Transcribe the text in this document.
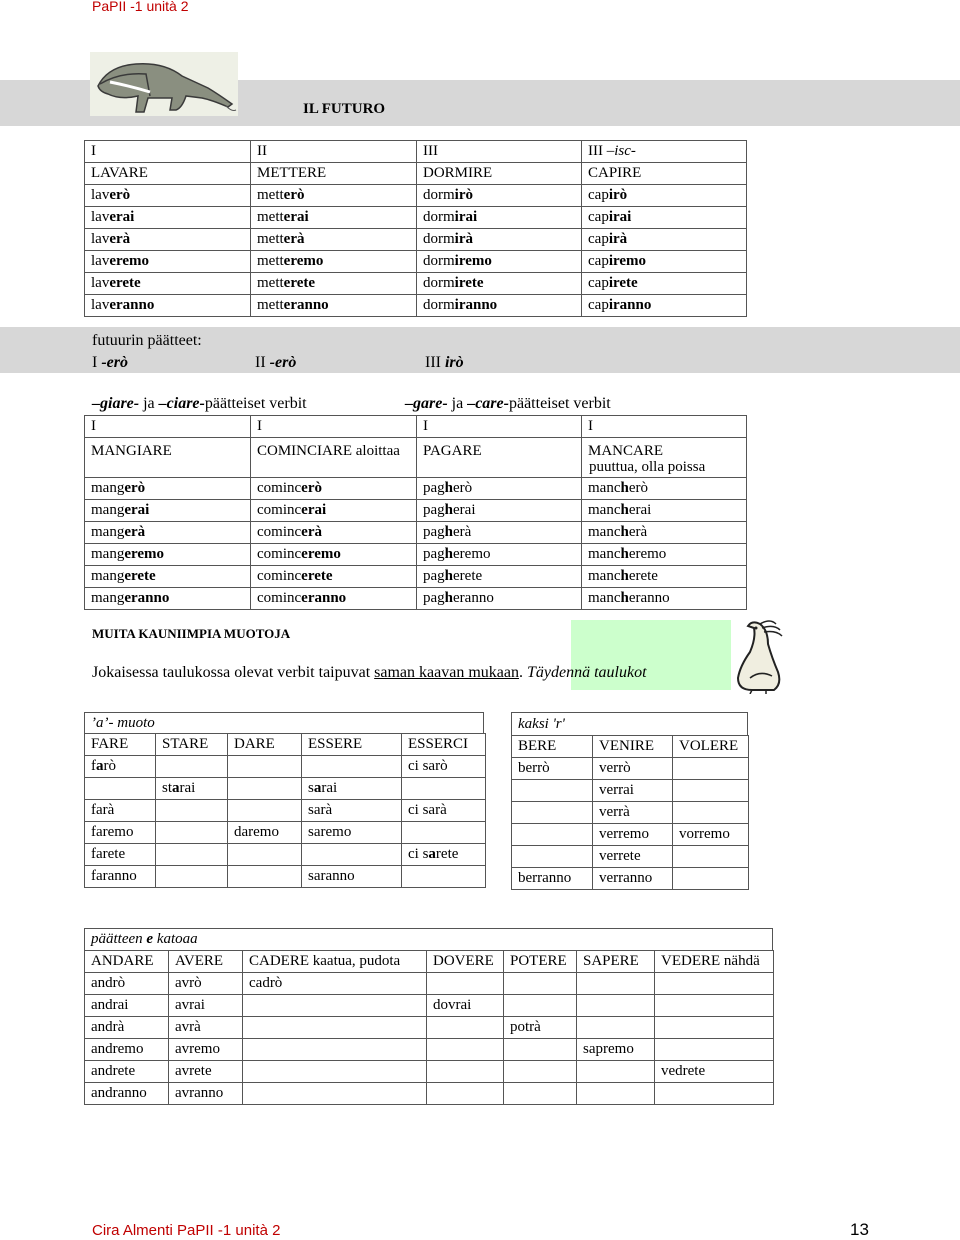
PaPII -1 unità 2
Cira Almenti PaPII -1 unità 2	13
IL FUTURO
I	II	III	III –isc-
LAVARE	METTERE	DORMIRE	CAPIRE
laverò	metterò	dormirò	capirò
laverai	metterai	dormirai	capirai
laverà	metterà	dormirà	capirà
laveremo	metteremo	dormiremo	capiremo
laverete	metterete	dormirete	capirete
laveranno	metteranno	dormiranno	capiranno
futuurin päätteet:
I -erò	II -erò	III irò
–giare- ja –ciare-päätteiset verbit	–gare- ja –care-päätteiset verbit
I	I	I	I
MANGIARE	COMINCIARE aloittaa	PAGARE	MANCARE
puuttua, olla poissa
mangerò	comincerò	pagherò	mancherò
mangerai	comincerai	pagherai	mancherai
mangerà	comincerà	pagherà	mancherà
mangeremo	cominceremo	pagheremo	mancheremo
mangerete	comincerete	pagherete	mancherete
mangeranno	cominceranno	pagheranno	mancheranno
MUITA KAUNIIMPIA MUOTOJA
Jokaisessa taulukossa olevat verbit taipuvat saman kaavan mukaan. Täydennä taulukot
’a’- muoto
FARE	STARE	DARE	ESSERE	ESSERCI
farò				ci sarò
	starai		sarai	
farà			sarà	ci sarà
faremo		daremo	saremo	
farete				ci sarete
faranno			saranno	
kaksi 'r'
BERE	VENIRE	VOLERE
berrò	verrò	
	verrai	
	verrà	
	verremo	vorremo
	verrete	
berranno	verranno	
päätteen e katoaa
ANDARE	AVERE	CADERE kaatua, pudota	DOVERE	POTERE	SAPERE	VEDERE nähdä
andrò	avrò	cadrò				
andrai	avrai		dovrai			
andrà	avrà			potrà		
andremo	avremo				sapremo	
andrete	avrete					vedrete
andranno	avranno					
